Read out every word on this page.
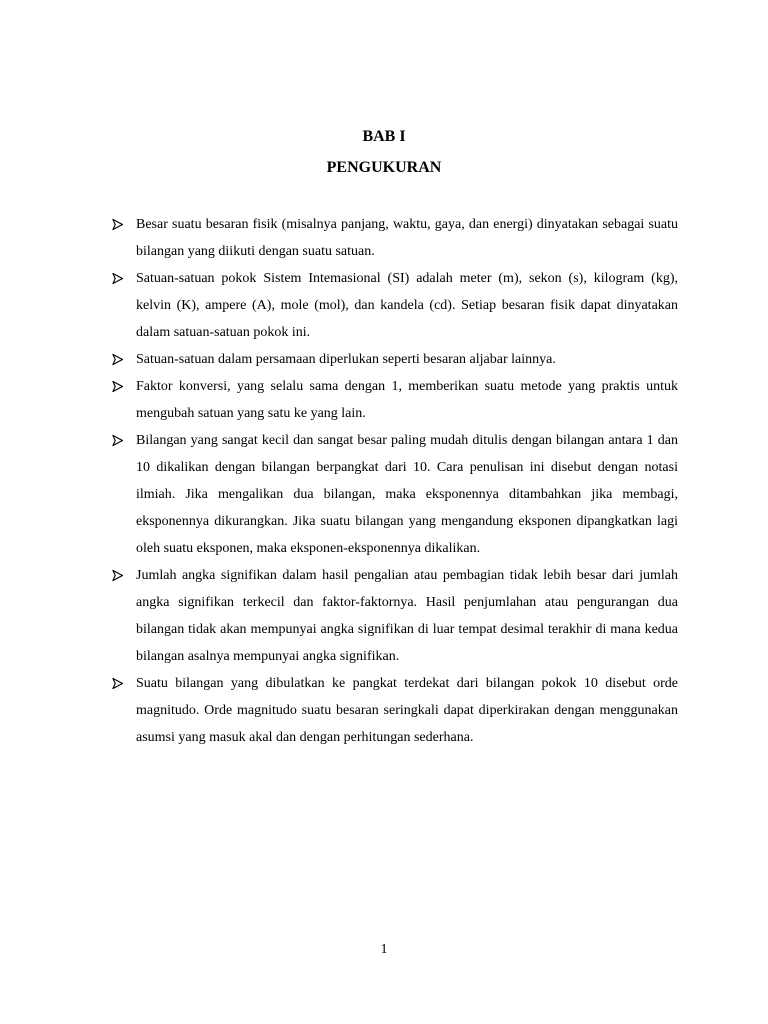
BAB I
PENGUKURAN
Besar suatu besaran fisik (misalnya panjang, waktu, gaya, dan energi) dinyatakan sebagai suatu bilangan yang diikuti dengan suatu satuan.
Satuan-satuan pokok Sistem Intemasional (SI) adalah meter (m), sekon (s), kilogram (kg), kelvin (K), ampere (A), mole (mol), dan kandela (cd). Setiap besaran fisik dapat dinyatakan dalam satuan-satuan pokok ini.
Satuan-satuan dalam persamaan diperlukan seperti besaran aljabar lainnya.
Faktor konversi, yang selalu sama dengan 1, memberikan suatu metode yang praktis untuk mengubah satuan yang satu ke yang lain.
Bilangan yang sangat kecil dan sangat besar paling mudah ditulis dengan bilangan antara 1 dan 10 dikalikan dengan bilangan berpangkat dari 10. Cara penulisan ini disebut dengan notasi ilmiah. Jika mengalikan dua bilangan, maka eksponennya ditambahkan jika membagi, eksponennya dikurangkan. Jika suatu bilangan yang mengandung eksponen dipangkatkan lagi oleh suatu eksponen, maka eksponen-eksponennya dikalikan.
Jumlah angka signifikan dalam hasil pengalian atau pembagian tidak lebih besar dari jumlah angka signifikan terkecil dan faktor-faktornya. Hasil penjumlahan atau pengurangan dua bilangan tidak akan mempunyai angka signifikan di luar tempat desimal terakhir di mana kedua bilangan asalnya mempunyai angka signifikan.
Suatu bilangan yang dibulatkan ke pangkat terdekat dari bilangan pokok 10 disebut orde magnitudo. Orde magnitudo suatu besaran seringkali dapat diperkirakan dengan menggunakan asumsi yang masuk akal dan dengan perhitungan sederhana.
1
